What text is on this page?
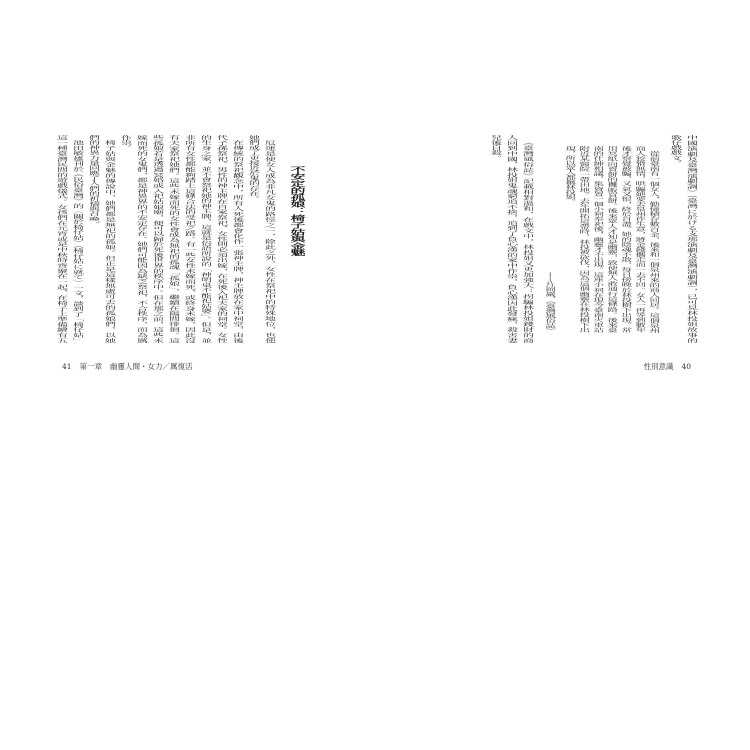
中國演劇及臺灣演劇調》（臺灣に於ける支那演劇及臺灣演劇調），已可見林投姐故事的
歌仔戲戲文。
從前臺南有一個女人，勤儉積存數百金，後來和一個泉州來的商人同居。這個泉州
商人狡猾無情，哄騙她要去泉州作生意，將金錢攜走而一去不回。女人一再等到數年
後才察覺被騙，又氣又恨，終於自盡。她的陰魂不散，每日傍晚於林投樹下出現。常
用冥紙向賣餅的攤販買餅。後來眾人才知是幽靈，致使無人敢通行這條路。後來臺
南的仕紳相議，集資置一個小祠奉祀後，幽靈才不出現。這座小祠在現今臺南火車站
附近某醫院一帶田地。去年開拓這帶時，林投被砍伐，因為這個幽靈在林投樹下出
現，所以眾人都稱林投姐。
——片岡巖，《臺灣風俗誌》
《臺灣風俗誌》記載相對溫和，在戲文中，林投姐又更加強大：拐騙林投姐錢財的商
人回到中國，林投姐鬼魂窮追不捨，追到了負心漢的家中作祟，負心漢因此發瘋，殺害妻
兒後自殺。
不安定的孤娘：椅子姑與金魅
厄運是使女人成為非凡女鬼的路徑之一，除此之外，女性在祭祀中的特殊地位，也使
她們成了更接近於鬼的存在。
在傳統的祭祀觀念中，所有人死後都會化作一張神主牌，神主牌放在家中祠堂，由後
代子孫祭祀。男性的神主牌在自家祭祀，女性則必須出嫁，在死後入祀夫家的祠堂。女性
的生身之家，並不會祭祀她的神主牌，這就是俗語所說的「神明桌不能祀姑婆」。但是，並
非所有女性都能夠踏上這條合法的受祀之路。有一些女性未嫁而死，或終身未嫁，因此沒
有夫家祭祀她們。這些未嫁而死的女性會成為無祀的孤魂「孤娘」，繼續在陽間徘徊。這
些孤娘若是透過冥婚或入祀姑娘廟，便可以歸於死後世界的秩序中。但在那之前，這些未
嫁而死的女鬼們，都是神異界的不安定存在。她們可能因為缺乏祭祀，不合秩序，而為厲
作祟。
椅子姑與金魅的傳說中，她們都是無祀的孤娘。但正是這樣無處可去的孤娘們，以她
們的神異力量回應了人們的祈禱與召喚。
池田敏雄刊於《民俗臺灣》的〈關於椅仔姑〉（椅仔姑に就て）一文，談到了「椅仔姑」
這一種臺灣民間的遊戲儀式。女孩們在元宵或是中秋時齊聚在一起，在椅子上準備繪有五
41 第一章 幽靈人間・女力／厲復活	性別意識 40
